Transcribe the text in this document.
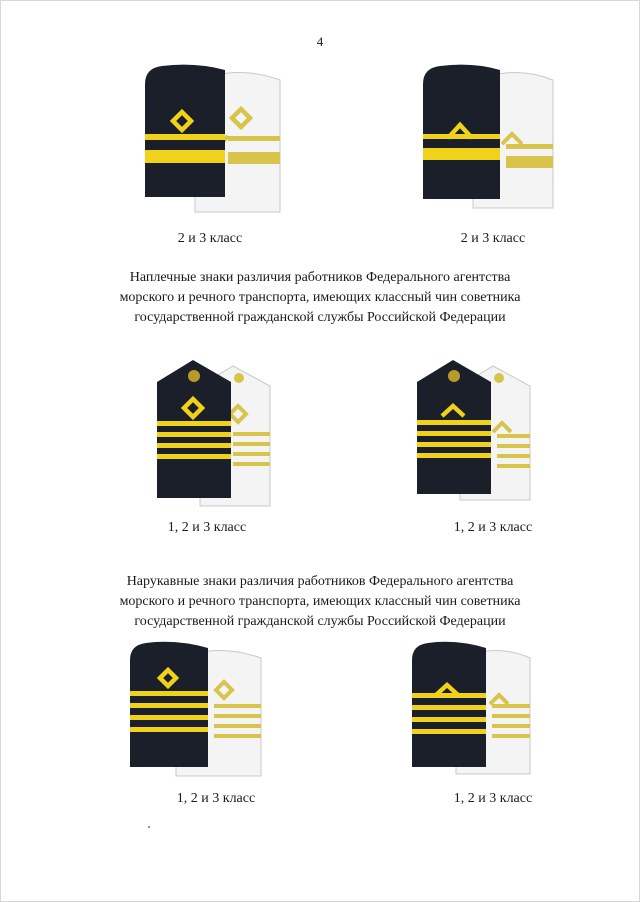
4
2 и 3 класс	2 и 3 класс
Наплечные знаки различия работников Федерального агентства
морского и речного транспорта, имеющих классный чин советника
государственной гражданской службы Российской Федерации
1, 2 и 3 класс	1, 2 и 3 класс
Нарукавные знаки различия работников Федерального агентства
морского и речного транспорта, имеющих классный чин советника
государственной гражданской службы Российской Федерации
1, 2 и 3 класс	1, 2 и 3 класс
